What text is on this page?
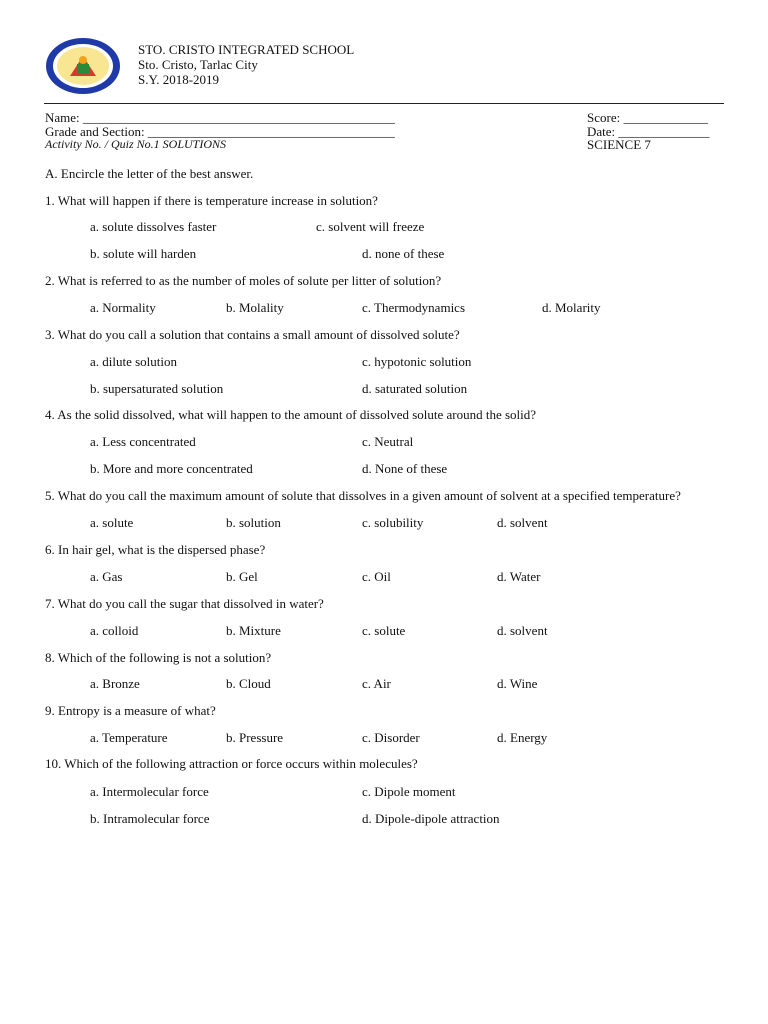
STO. CRISTO INTEGRATED SCHOOL
Sto. Cristo, Tarlac City
S.Y. 2018-2019
Name: ________________________________________________
Grade and Section: ______________________________________
Activity No. / Quiz No.1 SOLUTIONS
Score: _____________
Date: ______________
SCIENCE 7
A. Encircle the letter of the best answer.
1. What will happen if there is temperature increase in solution?
a. solute dissolves faster	c. solvent will freeze
b. solute will harden	d. none of these
2. What is referred to as the number of moles of solute per litter of solution?
a. Normality	b. Molality	c. Thermodynamics	d. Molarity
3. What do you call a solution that contains a small amount of dissolved solute?
a. dilute solution	c. hypotonic solution
b. supersaturated solution	d. saturated solution
4. As the solid dissolved, what will happen to the amount of dissolved solute around the solid?
a. Less concentrated	c. Neutral
b. More and more concentrated	d. None of these
5. What do you call the maximum amount of solute that dissolves in a given amount of solvent at a specified temperature?
a. solute	b. solution	c. solubility	d. solvent
6. In hair gel, what is the dispersed phase?
a. Gas	b. Gel	c. Oil	d. Water
7. What do you call the sugar that dissolved in water?
a. colloid	b. Mixture	c. solute	d. solvent
8. Which of the following is not a solution?
a. Bronze	b. Cloud	c. Air	d. Wine
9. Entropy is a measure of what?
a. Temperature	b. Pressure	c. Disorder	d. Energy
10. Which of the following attraction or force occurs within molecules?
a. Intermolecular force	c. Dipole moment
b. Intramolecular force	d. Dipole-dipole attraction
